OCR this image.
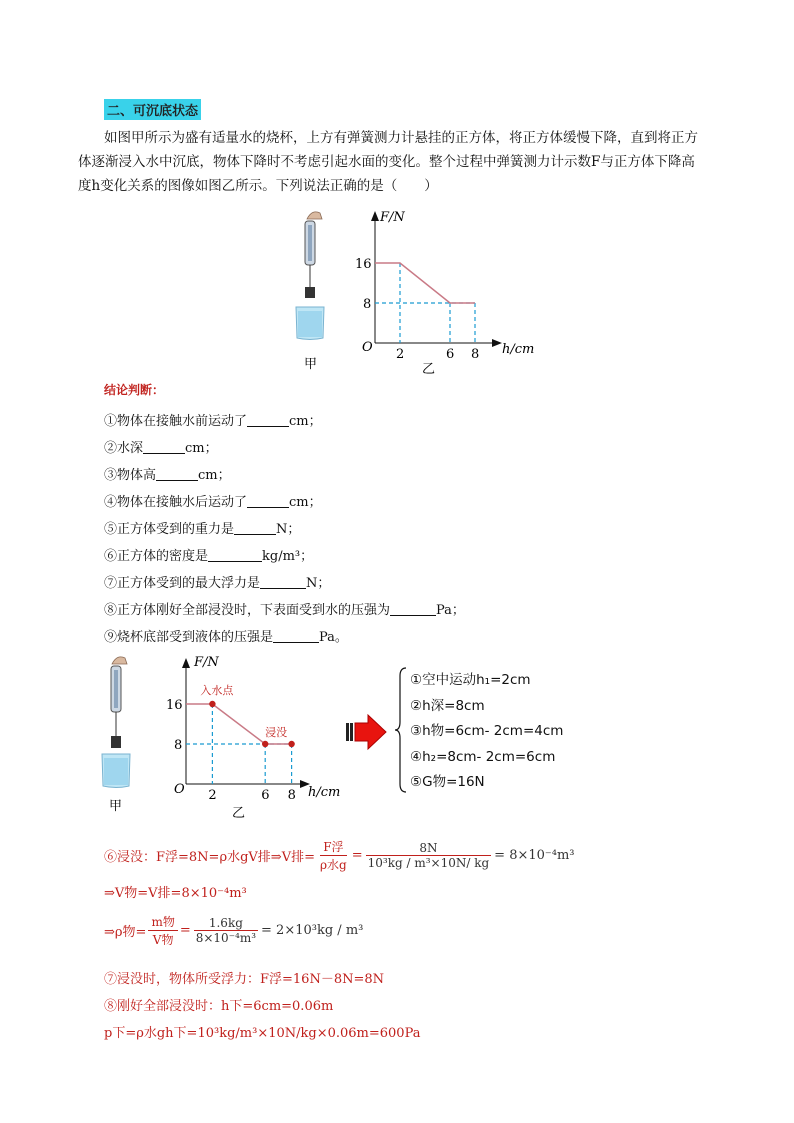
二、可沉底状态

如图甲所示为盛有适量水的烧杯，上方有弹簧测力计悬挂的正方体，将正方体缓慢下降，直到将正方

体逐渐浸入水中沉底，物体下降时不考虑引起水面的变化。整个过程中弹簧测力计示数F与正方体下降高

度h变化关系的图像如图乙所示。下列说法正确的是（　　）

甲	乙
F/N
h/cm
O 2	6 8
8
16
结论判断：
①物体在接触水前运动了	cm；
②水深	cm；
③物体高	cm；
④物体在接触水后运动了	cm；
⑤正方体受到的重力是	N；
⑥正方体的密度是	kg/m³；
⑦正方体受到的最大浮力是	N；
⑧正方体刚好全部浸没时，下表面受到水的压强为	Pa；
⑨烧杯底部受到液体的压强是	Pa。
甲	乙
F/N
h/cm
O 2	6 8
8
16
入水点
浸没
①空中运动h₁=2cm
②h深=8cm
③h物=6cm- 2cm=4cm
④h₂=8cm- 2cm=6cm
⑤G物=16N
⑥浸没：F浮=8N=ρ水gV排⇒V排=
F浮
ρ水g
= $\frac{8N}{\text{10³kg / m³×10N/ kg}} = 8\times 10^{-4}m^3$
⇒V物=V排=8×10⁻⁴m³
⇒ρ物=
m物
V物
= $\frac{1.6kg}{\text{8×10⁻⁴m³}} = 2\times 10^3kg / m^3$
⑦浸没时，物体所受浮力：F浮=16N－8N=8N
⑧刚好全部浸没时：h下=6cm=0.06m
p下=ρ水gh下=10³kg/m³×10N/kg×0.06m=600Pa
